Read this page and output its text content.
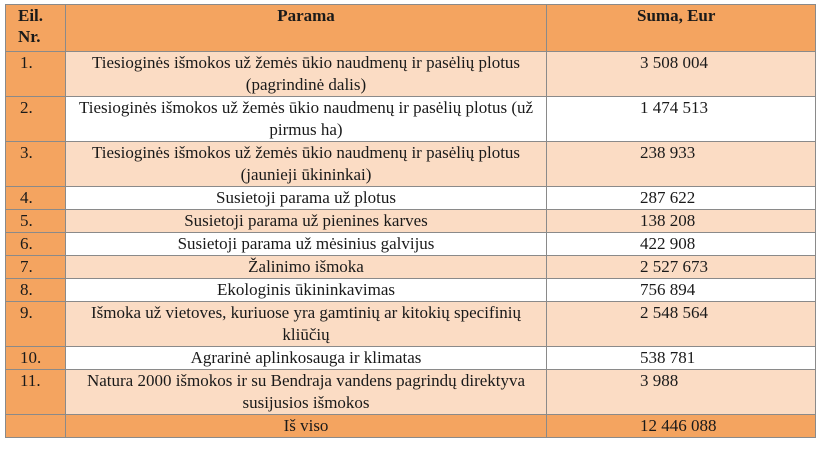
Eil. Nr.	Parama	Suma, Eur
1.	Tiesioginės išmokos už žemės ūkio naudmenų ir pasėlių plotus (pagrindinė dalis)	3 508 004
2.	Tiesioginės išmokos už žemės ūkio naudmenų ir pasėlių plotus (už pirmus ha)	1 474 513
3.	Tiesioginės išmokos už žemės ūkio naudmenų ir pasėlių plotus (jaunieji ūkininkai)	238 933
4.	Susietoji parama už plotus	287 622
5.	Susietoji parama už pienines karves	138 208
6.	Susietoji parama už mėsinius galvijus	422 908
7.	Žalinimo išmoka	2 527 673
8.	Ekologinis ūkininkavimas	756 894
9.	Išmoka už vietoves, kuriuose yra gamtinių ar kitokių specifinių kliūčių	2 548 564
10.	Agrarinė aplinkosauga ir klimatas	538 781
11.	Natura 2000 išmokos ir su Bendraja vandens pagrindų direktyva susijusios išmokos	3 988
	Iš viso	12 446 088
